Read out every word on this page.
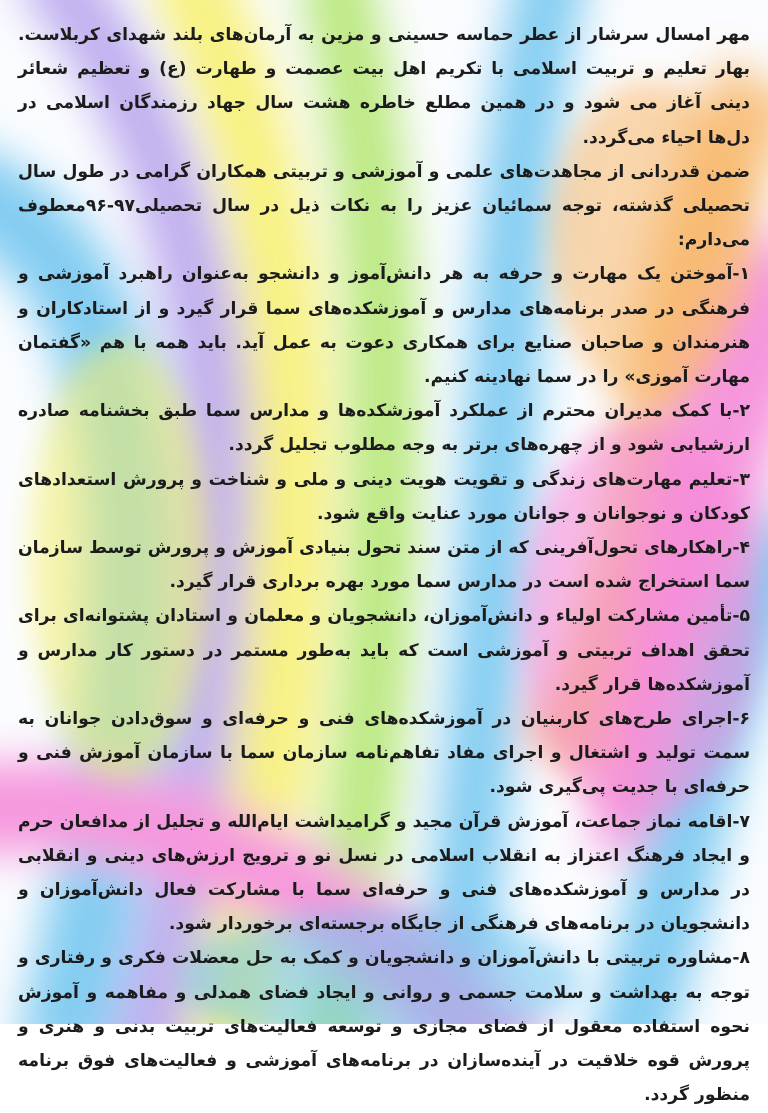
مهر امسال سرشار از عطر حماسه حسینی و مزین به آرمان‌های بلند شهدای کربلاست. بهار تعلیم و تربیت اسلامی با تکریم اهل بیت عصمت و طهارت (ع) و تعظیم شعائر دینی آغاز می شود و در همین مطلع خاطره هشت سال جهاد رزمندگان اسلامی در دل‌ها احیاء می‌گردد.

ضمن قدردانی از مجاهدت‌های علمی و آموزشی و تربیتی همکاران گرامی در طول سال تحصیلی گذشته، توجه سمائیان عزیز را به نکات ذیل در سال تحصیلی۹۷-۹۶معطوف می‌دارم:

۱-آموختن یک مهارت و حرفه به هر دانش‌آموز و دانشجو به‌عنوان راهبرد آموزشی و فرهنگی در صدر برنامه‌های مدارس و آموزشکده‌های سما قرار گیرد و از استادکاران و هنرمندان و صاحبان صنایع برای همکاری دعوت به عمل آید. باید همه با هم «گفتمان مهارت آموزی» را در سما نهادینه کنیم.

۲-با کمک مدیران محترم از عملکرد آموزشکده‌ها و مدارس سما طبق بخشنامه صادره ارزشیابی شود و از چهره‌های برتر به وجه مطلوب تجلیل گردد.

۳-تعلیم مهارت‌های زندگی و تقویت هویت دینی و ملی و شناخت و پرورش استعدادهای کودکان و نوجوانان و جوانان مورد عنایت واقع شود.

۴-راهکارهای تحول‌آفرینی که از متن سند تحول بنیادی آموزش و پرورش توسط سازمان سما استخراج شده است در مدارس سما مورد بهره برداری قرار گیرد.

۵-تأمین مشارکت اولیاء و دانش‌آموزان، دانشجویان و معلمان و استادان پشتوانه‌ای برای تحقق اهداف تربیتی و آموزشی است که باید به‌طور مستمر در دستور کار مدارس و آموزشکده‌ها قرار گیرد.

۶-اجرای طرح‌های کاربنیان در آموزشکده‌های فنی و حرفه‌ای و سوق‌دادن جوانان به سمت تولید و اشتغال و اجرای مفاد تفاهم‌نامه سازمان سما با سازمان آموزش فنی و حرفه‌ای با جدیت پی‌گیری شود.

۷-اقامه نماز جماعت، آموزش قرآن مجید و گرامیداشت ایام‌الله و تجلیل از مدافعان حرم و ایجاد فرهنگ اعتزاز به انقلاب اسلامی در نسل نو و ترویج ارزش‌های دینی و انقلابی در مدارس و آموزشکده‌های فنی و حرفه‌ای سما با مشارکت فعال دانش‌آموزان و دانشجویان در برنامه‌های فرهنگی از جایگاه برجسته‌ای برخوردار شود.

۸-مشاوره تربیتی با دانش‌آموزان و دانشجویان و کمک به حل معضلات فکری و رفتاری و توجه به بهداشت و سلامت جسمی و روانی و ایجاد فضای همدلی و مفاهمه و آموزش نحوه استفاده معقول از فضای مجازی و توسعه فعالیت‌های تربیت بدنی و هنری و پرورش قوه خلاقیت در آینده‌سازان در برنامه‌های آموزشی و فعالیت‌های فوق برنامه منظور گردد.
